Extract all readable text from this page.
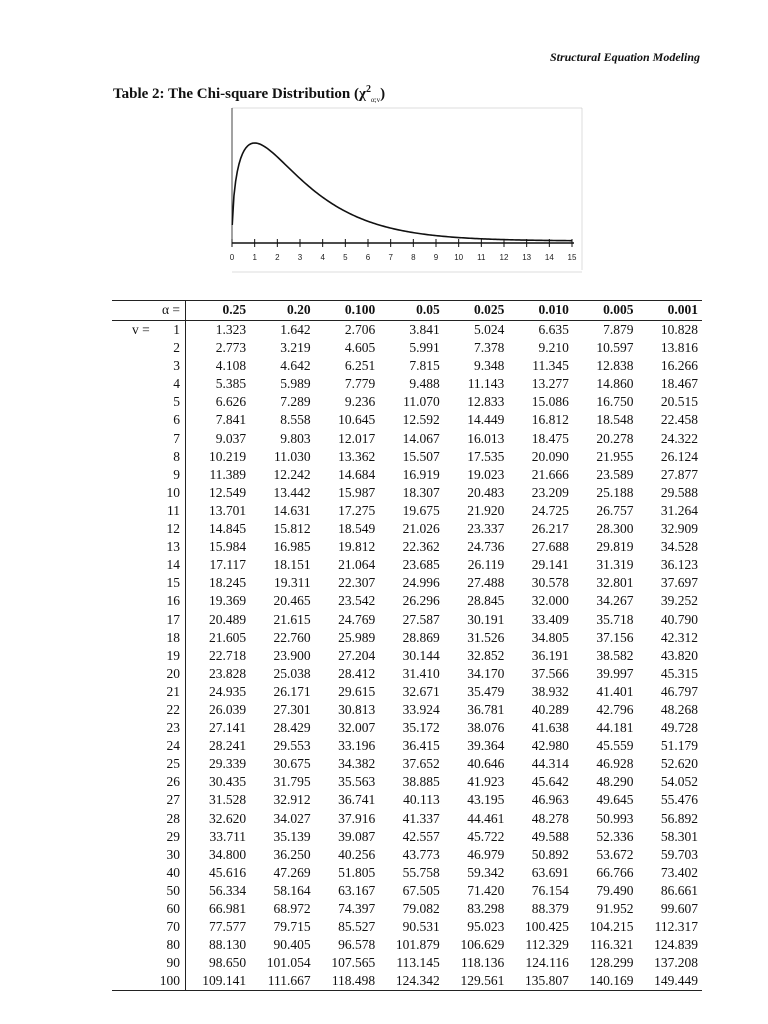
Structural Equation Modeling
Table 2: The Chi-square Distribution $(\chi^2_{\alpha;v})$
0 1 2 3 4 5 6 7 8 9 10 11 12 13 14 15
α =	0.25	0.20	0.100	0.05	0.025	0.010	0.005	0.001

v = 1	1.323	1.642	2.706	3.841	5.024	6.635	7.879	10.828
2	2.773	3.219	4.605	5.991	7.378	9.210	10.597	13.816
3	4.108	4.642	6.251	7.815	9.348	11.345	12.838	16.266
4	5.385	5.989	7.779	9.488	11.143	13.277	14.860	18.467
5	6.626	7.289	9.236	11.070	12.833	15.086	16.750	20.515
6	7.841	8.558	10.645	12.592	14.449	16.812	18.548	22.458
7	9.037	9.803	12.017	14.067	16.013	18.475	20.278	24.322
8	10.219	11.030	13.362	15.507	17.535	20.090	21.955	26.124
9	11.389	12.242	14.684	16.919	19.023	21.666	23.589	27.877
10	12.549	13.442	15.987	18.307	20.483	23.209	25.188	29.588
11	13.701	14.631	17.275	19.675	21.920	24.725	26.757	31.264
12	14.845	15.812	18.549	21.026	23.337	26.217	28.300	32.909
13	15.984	16.985	19.812	22.362	24.736	27.688	29.819	34.528
14	17.117	18.151	21.064	23.685	26.119	29.141	31.319	36.123
15	18.245	19.311	22.307	24.996	27.488	30.578	32.801	37.697
16	19.369	20.465	23.542	26.296	28.845	32.000	34.267	39.252
17	20.489	21.615	24.769	27.587	30.191	33.409	35.718	40.790
18	21.605	22.760	25.989	28.869	31.526	34.805	37.156	42.312
19	22.718	23.900	27.204	30.144	32.852	36.191	38.582	43.820
20	23.828	25.038	28.412	31.410	34.170	37.566	39.997	45.315
21	24.935	26.171	29.615	32.671	35.479	38.932	41.401	46.797
22	26.039	27.301	30.813	33.924	36.781	40.289	42.796	48.268
23	27.141	28.429	32.007	35.172	38.076	41.638	44.181	49.728
24	28.241	29.553	33.196	36.415	39.364	42.980	45.559	51.179
25	29.339	30.675	34.382	37.652	40.646	44.314	46.928	52.620
26	30.435	31.795	35.563	38.885	41.923	45.642	48.290	54.052
27	31.528	32.912	36.741	40.113	43.195	46.963	49.645	55.476
28	32.620	34.027	37.916	41.337	44.461	48.278	50.993	56.892
29	33.711	35.139	39.087	42.557	45.722	49.588	52.336	58.301
30	34.800	36.250	40.256	43.773	46.979	50.892	53.672	59.703
40	45.616	47.269	51.805	55.758	59.342	63.691	66.766	73.402
50	56.334	58.164	63.167	67.505	71.420	76.154	79.490	86.661
60	66.981	68.972	74.397	79.082	83.298	88.379	91.952	99.607
70	77.577	79.715	85.527	90.531	95.023	100.425	104.215	112.317
80	88.130	90.405	96.578	101.879	106.629	112.329	116.321	124.839
90	98.650	101.054	107.565	113.145	118.136	124.116	128.299	137.208
100	109.141	111.667	118.498	124.342	129.561	135.807	140.169	149.449
